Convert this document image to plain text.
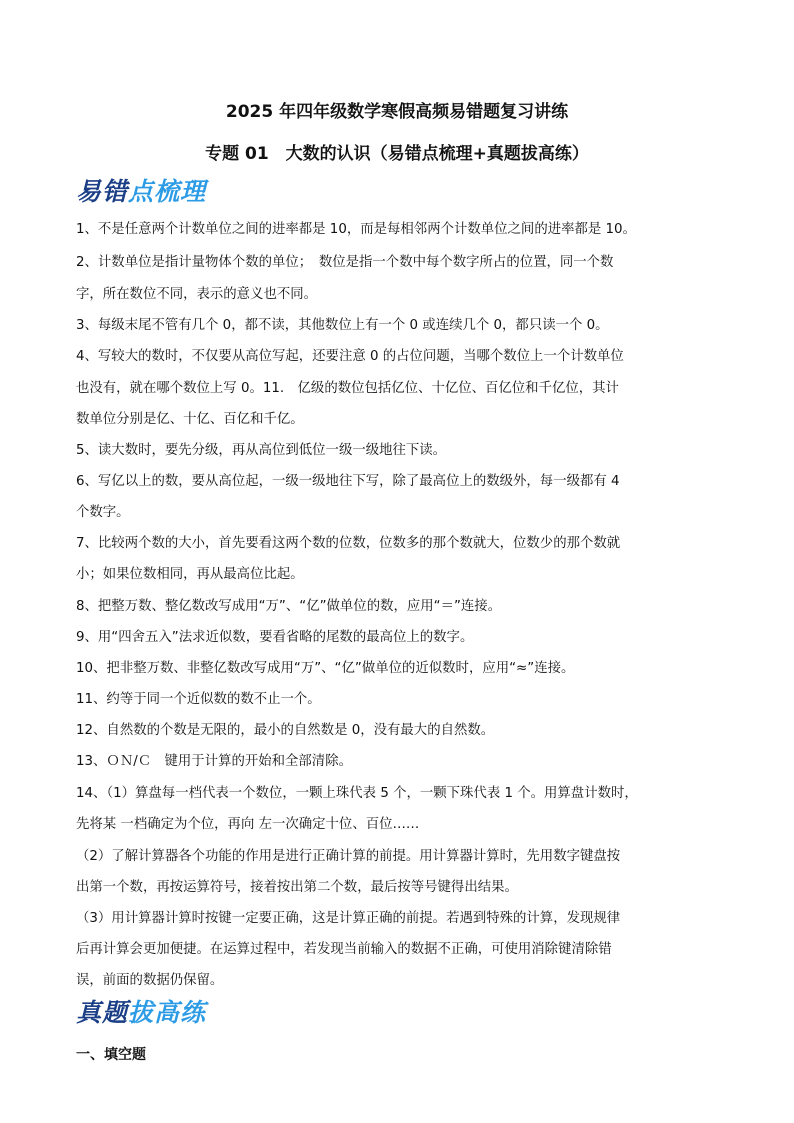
2025 年四年级数学寒假高频易错题复习讲练
专题 01　大数的认识（易错点梳理+真题拔高练）
易错点梳理
1、不是任意两个计数单位之间的进率都是 10，而是每相邻两个计数单位之间的进率都是 10。
2、计数单位是指计量物体个数的单位；　数位是指一个数中每个数字所占的位置，同一个数
字，所在数位不同，表示的意义也不同。
3、每级末尾不管有几个 0，都不读，其他数位上有一个 0 或连续几个 0，都只读一个 0。
4、写较大的数时，不仅要从高位写起，还要注意 0 的占位问题，当哪个数位上一个计数单位
也没有，就在哪个数位上写 0。11.　亿级的数位包括亿位、十亿位、百亿位和千亿位，其计
数单位分别是亿、十亿、百亿和千亿。
5、读大数时，要先分级，再从高位到低位一级一级地往下读。
6、写亿以上的数，要从高位起，一级一级地往下写，除了最高位上的数级外，每一级都有 4
个数字。
7、比较两个数的大小，首先要看这两个数的位数，位数多的那个数就大，位数少的那个数就
小；如果位数相同，再从最高位比起。
8、把整万数、整亿数改写成用“万”、“亿”做单位的数，应用“＝”连接。
9、用“四舍五入”法求近似数，要看省略的尾数的最高位上的数字。
10、把非整万数、非整亿数改写成用“万”、“亿”做单位的近似数时，应用“≈”连接。
11、约等于同一个近似数的数不止一个。
12、自然数的个数是无限的，最小的自然数是 0，没有最大的自然数。
13、ＯＮ/Ｃ　键用于计算的开始和全部清除。
14、（1）算盘每一档代表一个数位，一颗上珠代表 5 个，一颗下珠代表 1 个。用算盘计数时，
先将某 一档确定为个位，再向 左一次确定十位、百位……
（2）了解计算器各个功能的作用是进行正确计算的前提。用计算器计算时，先用数字键盘按
出第一个数，再按运算符号，接着按出第二个数，最后按等号键得出结果。
（3）用计算器计算时按键一定要正确，这是计算正确的前提。若遇到特殊的计算，发现规律
后再计算会更加便捷。在运算过程中，若发现当前输入的数据不正确，可使用消除键清除错
误，前面的数据仍保留。
真题拔高练
一、填空题
